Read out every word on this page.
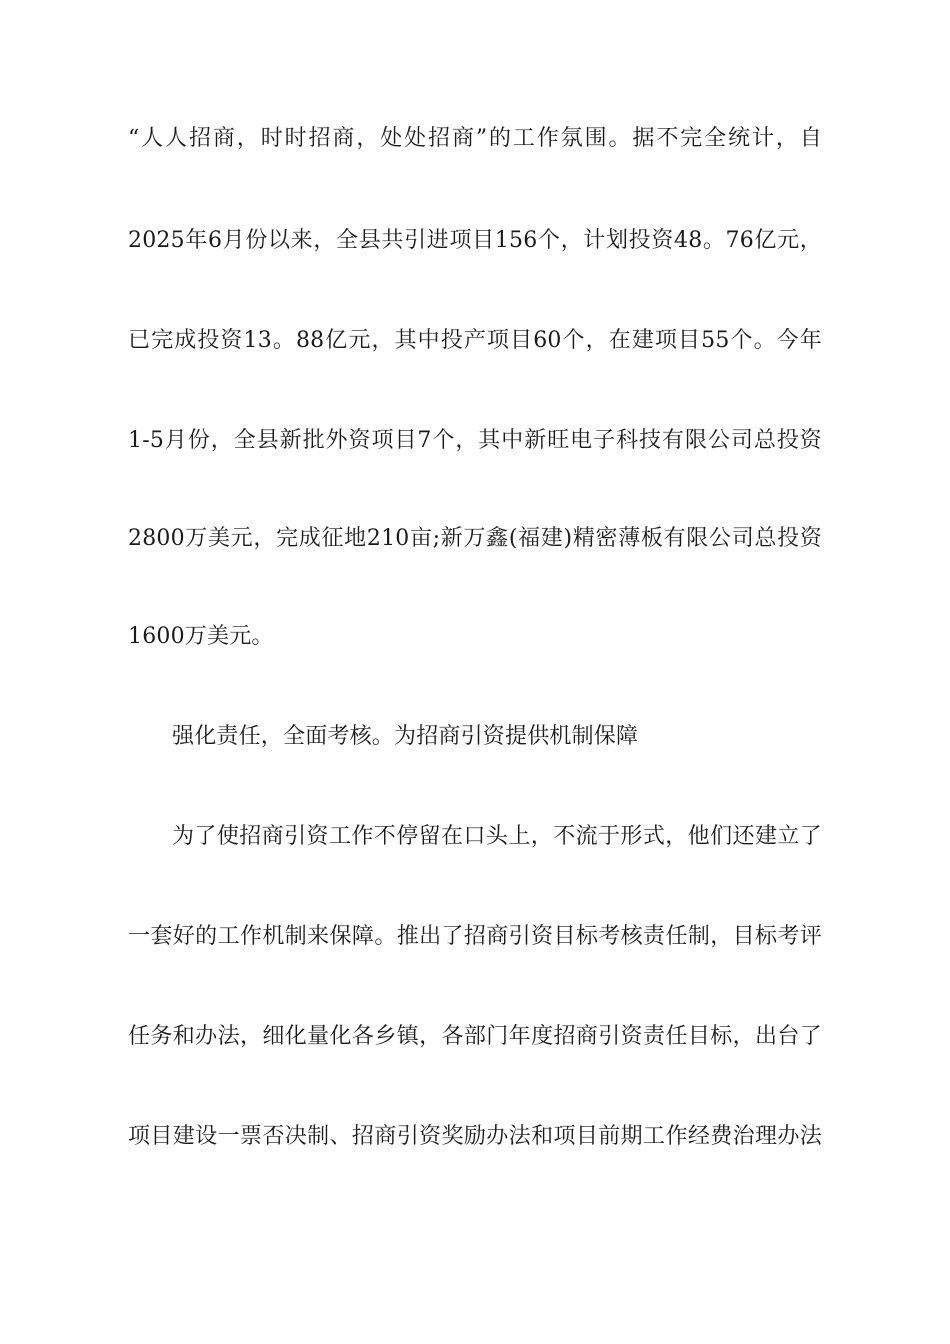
“人人招商，时时招商，处处招商”的工作氛围。据不完全统计，自
2025年6月份以来，全县共引进项目156个，计划投资48。76亿元，
已完成投资13。88亿元，其中投产项目60个，在建项目55个。今年
1-5月份，全县新批外资项目7个，其中新旺电子科技有限公司总投资
2800万美元，完成征地210亩;新万鑫(福建)精密薄板有限公司总投资
1600万美元。
强化责任，全面考核。为招商引资提供机制保障
为了使招商引资工作不停留在口头上，不流于形式，他们还建立了
一套好的工作机制来保障。推出了招商引资目标考核责任制，目标考评
任务和办法，细化量化各乡镇，各部门年度招商引资责任目标，出台了
项目建设一票否决制、招商引资奖励办法和项目前期工作经费治理办法
